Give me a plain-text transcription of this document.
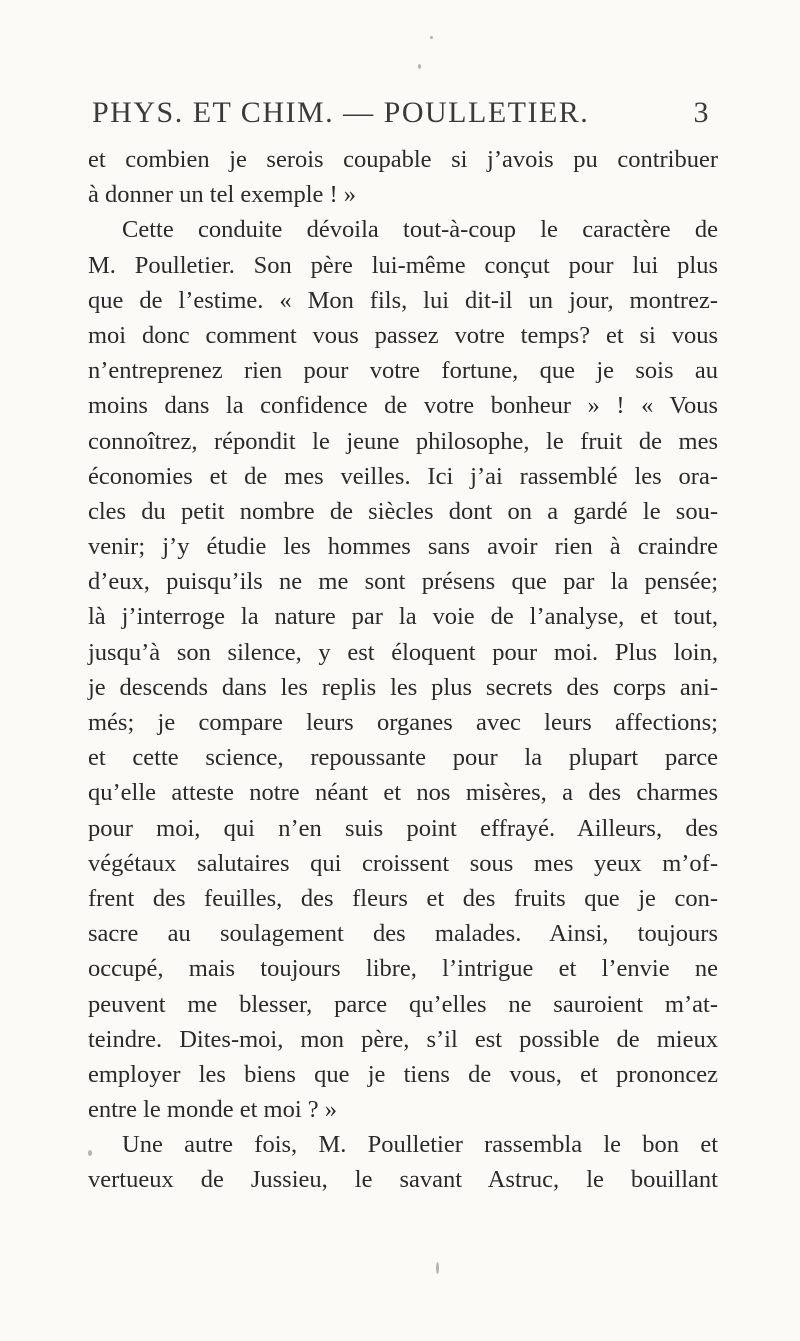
PHYS. ET CHIM. — POULLETIER.	3
et combien je serois coupable si j’avois pu contribuer
à donner un tel exemple ! »
Cette conduite dévoila tout-à-coup le caractère de
M. Poulletier. Son père lui-même conçut pour lui plus
que de l’estime. « Mon fils, lui dit-il un jour, montrez-
moi donc comment vous passez votre temps? et si vous
n’entreprenez rien pour votre fortune, que je sois au
moins dans la confidence de votre bonheur » ! « Vous
connoîtrez, répondit le jeune philosophe, le fruit de mes
économies et de mes veilles. Ici j’ai rassemblé les ora-
cles du petit nombre de siècles dont on a gardé le sou-
venir; j’y étudie les hommes sans avoir rien à craindre
d’eux, puisqu’ils ne me sont présens que par la pensée;
là j’interroge la nature par la voie de l’analyse, et tout,
jusqu’à son silence, y est éloquent pour moi. Plus loin,
je descends dans les replis les plus secrets des corps ani-
més; je compare leurs organes avec leurs affections;
et cette science, repoussante pour la plupart parce
qu’elle atteste notre néant et nos misères, a des charmes
pour moi, qui n’en suis point effrayé. Ailleurs, des
végétaux salutaires qui croissent sous mes yeux m’of-
frent des feuilles, des fleurs et des fruits que je con-
sacre au soulagement des malades. Ainsi, toujours
occupé, mais toujours libre, l’intrigue et l’envie ne
peuvent me blesser, parce qu’elles ne sauroient m’at-
teindre. Dites-moi, mon père, s’il est possible de mieux
employer les biens que je tiens de vous, et prononcez
entre le monde et moi ? »
Une autre fois, M. Poulletier rassembla le bon et
vertueux de Jussieu, le savant Astruc, le bouillant
